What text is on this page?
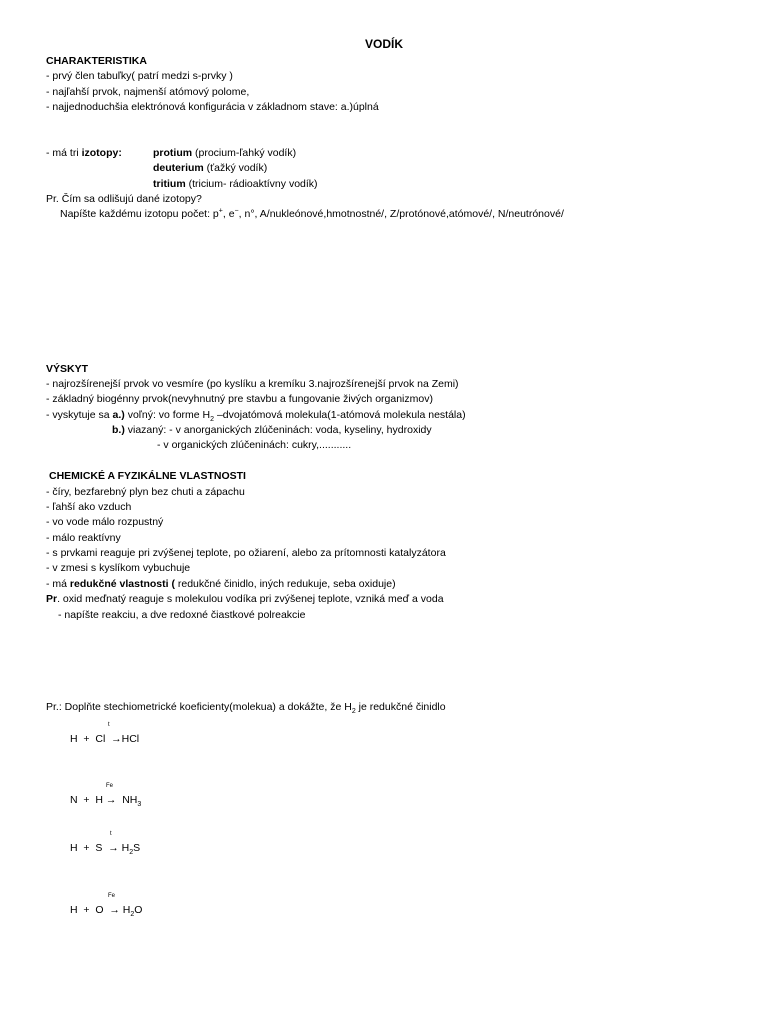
VODÍK
CHARAKTERISTIKA
- prvý člen tabuľky( patrí medzi s-prvky )
- najľahší prvok, najmenší atómový polome,
- najjednoduchšia elektrónová konfigurácia v základnom stave: a.)úplná
- má tri izotopy:	protium (procium-ľahký vodík)
deuterium (ťažký vodík)
tritium (tricium- rádioaktívny vodík)
Pr. Čím sa odlišujú dané izotopy?
Napíšte každému izotopu počet: p+, e−, n°, A/nukleónové,hmotnostné/, Z/protónové,atómové/, N/neutrónové/
VÝSKYT
- najrozšírenejší prvok vo vesmíre (po kyslíku a kremíku 3.najrozšírenejší prvok na Zemi)
- základný biogénny prvok(nevyhnutný pre stavbu a fungovanie živých organizmov)
- vyskytuje sa a.) voľný: vo forme $H_2$ –dvojatómová molekula(1-atómová molekula nestála)
b.) viazaný: - v anorganických zlúčeninách: voda, kyseliny, hydroxidy
- v organických zlúčeninách: cukry,...........
CHEMICKÉ A FYZIKÁLNE VLASTNOSTI
- číry, bezfarebný plyn bez chuti a zápachu
- ľahší ako vzduch
- vo vode málo rozpustný
- málo reaktívny
- s prvkami reaguje pri zvýšenej teplote, po ožiarení, alebo za prítomnosti katalyzátora
- v zmesi s kyslíkom vybuchuje
- má redukčné vlastnosti ( redukčné činidlo, iných redukuje, seba oxiduje)
Pr. oxid meďnatý reaguje s molekulou vodíka pri zvýšenej teplote, vzniká meď a voda
- napíšte reakciu, a dve redoxné čiastkové polreakcie
Pr.: Doplňte stechiometrické koeficienty(molekua) a dokážte, že $H_2$ je redukčné činidlo
t
H  +  Cl  →HCl
Fe
$N + H \to NH_3$
t
$H + S \to H_2S$
Fe
$H + O \to H_2O$
